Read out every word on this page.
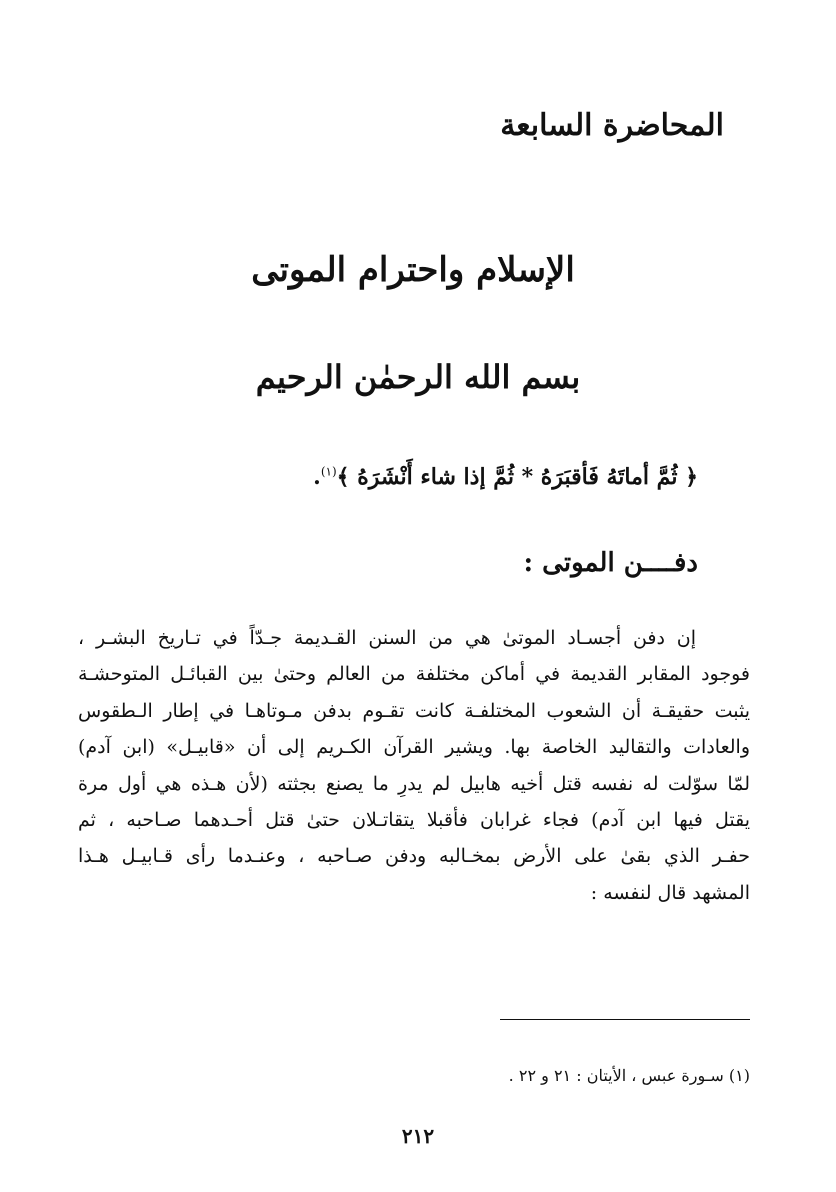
المحاضرة السابعة
الإسلام واحترام الموتى
بسم الله الرحمٰن الرحيم
﴿ ثُمَّ أماتَهُ فَأقبَرَهُ * ثُمَّ إذا شاء أَنْشَرَهُ ﴾$^{(١)}$.
دفــــن الموتى :
إن دفن أجسـاد الموتىٰ هي من السنن القـديمة جـدّاً في تـاريخ البشـر ،
فوجود المقابر القديمة في أماكن مختلفة من العالم وحتىٰ بين القبائـل المتوحشـة
يثبت حقيقـة أن الشعوب المختلفـة كانت تقـوم بدفن مـوتاهـا في إطار الـطقوس
والعادات والتقاليد الخاصة بها. ويشير القرآن الكـريم إلى أن «قابيـل» (ابن آدم)
لمّا سوّلت له نفسه قتل أخيه هابيل لم يدرِ ما يصنع بجثته (لأن هـذه هي أول مرة
يقتل فيها ابن آدم) فجاء غرابان فأقبلا يتقاتـلان حتىٰ قتل أحـدهما صـاحبه ، ثم
حفـر الذي بقىٰ على الأرض بمخـالبه ودفن صـاحبه ، وعنـدما رأى قـابيـل هـذا
المشهد قال لنفسه :
(١) سـورة عبس ، الأيتان : ٢١ و ٢٢ .
٢١٢
